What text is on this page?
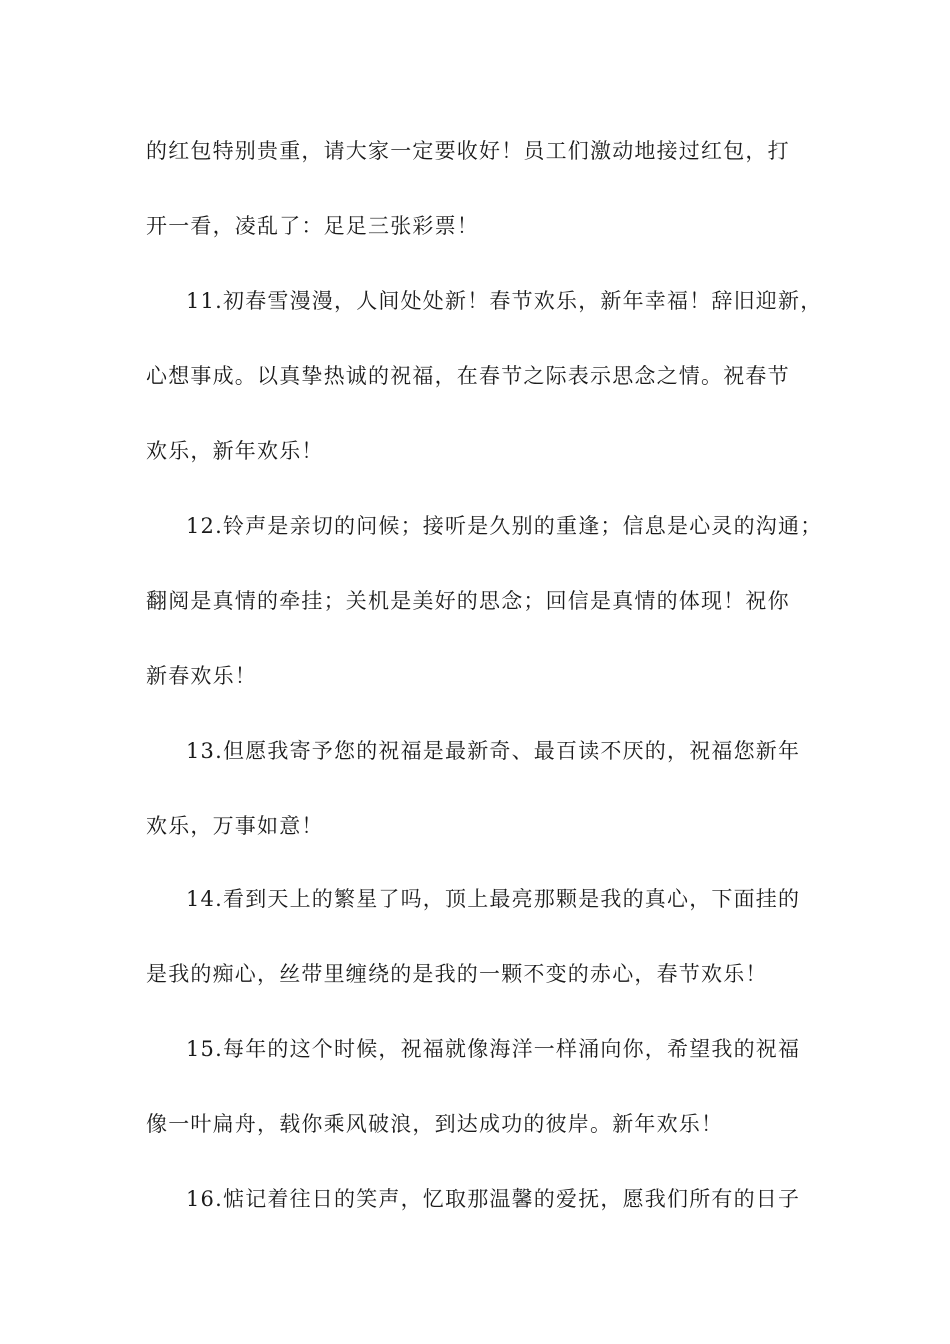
的红包特别贵重，请大家一定要收好！员工们激动地接过红包，打
开一看，凌乱了：足足三张彩票！
11.初春雪漫漫，人间处处新！春节欢乐，新年幸福！辞旧迎新，
心想事成。以真挚热诚的祝福，在春节之际表示思念之情。祝春节
欢乐，新年欢乐！
12.铃声是亲切的问候；接听是久别的重逢；信息是心灵的沟通；
翻阅是真情的牵挂；关机是美好的思念；回信是真情的体现！祝你
新春欢乐！
13.但愿我寄予您的祝福是最新奇、最百读不厌的，祝福您新年
欢乐，万事如意！
14.看到天上的繁星了吗，顶上最亮那颗是我的真心，下面挂的
是我的痴心，丝带里缠绕的是我的一颗不变的赤心，春节欢乐！
15.每年的这个时候，祝福就像海洋一样涌向你，希望我的祝福
像一叶扁舟，载你乘风破浪，到达成功的彼岸。新年欢乐！
16.惦记着往日的笑声，忆取那温馨的爱抚，愿我们所有的日子
